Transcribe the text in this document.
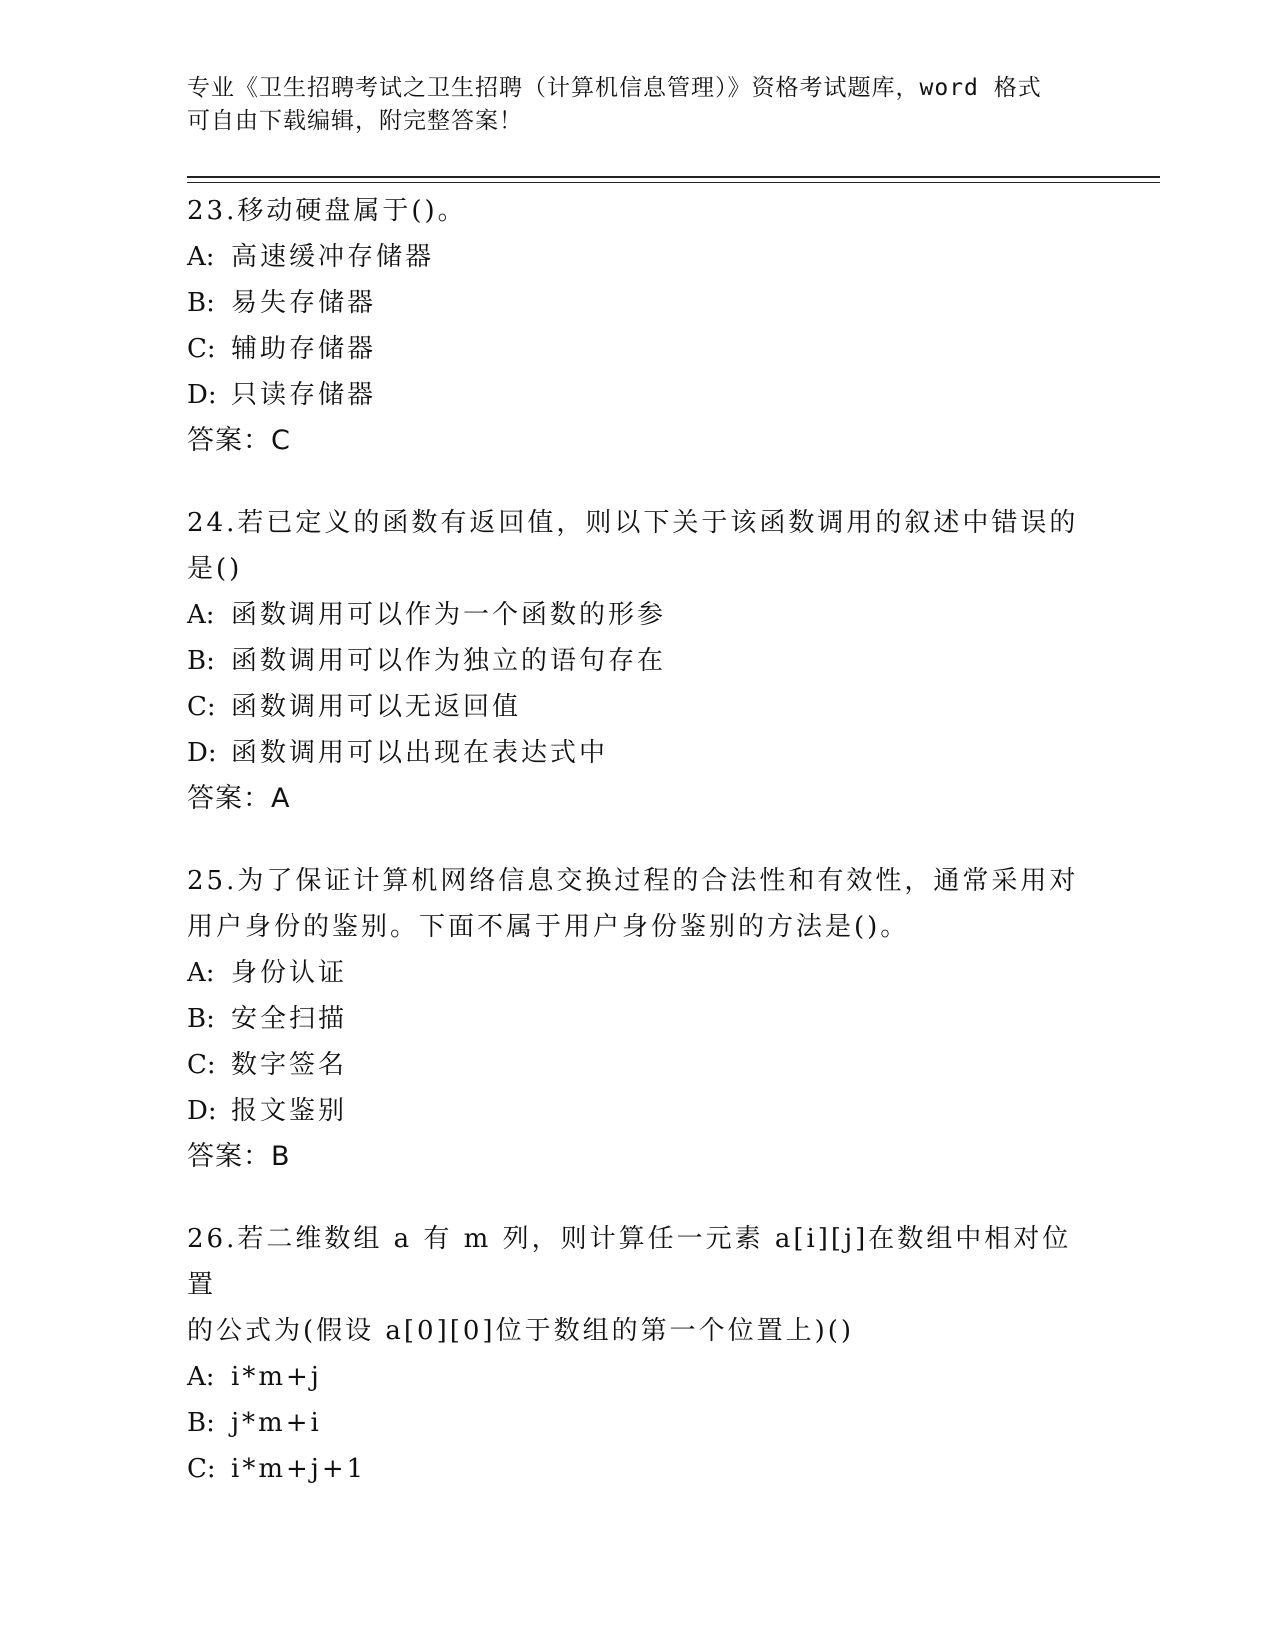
专业《卫生招聘考试之卫生招聘（计算机信息管理）》资格考试题库，word 格式
可自由下载编辑，附完整答案！
23.移动硬盘属于()。
A: 高速缓冲存储器
B: 易失存储器
C: 辅助存储器
D: 只读存储器
答案：C
24.若已定义的函数有返回值，则以下关于该函数调用的叙述中错误的
是()
A: 函数调用可以作为一个函数的形参
B: 函数调用可以作为独立的语句存在
C: 函数调用可以无返回值
D: 函数调用可以出现在表达式中
答案：A
25.为了保证计算机网络信息交换过程的合法性和有效性，通常采用对
用户身份的鉴别。下面不属于用户身份鉴别的方法是()。
A: 身份认证
B: 安全扫描
C: 数字签名
D: 报文鉴别
答案：B
26.若二维数组 a 有 m 列，则计算任一元素 a[i][j]在数组中相对位置
的公式为(假设 a[0][0]位于数组的第一个位置上)()
A: i*m+j
B: j*m+i
C: i*m+j+1
